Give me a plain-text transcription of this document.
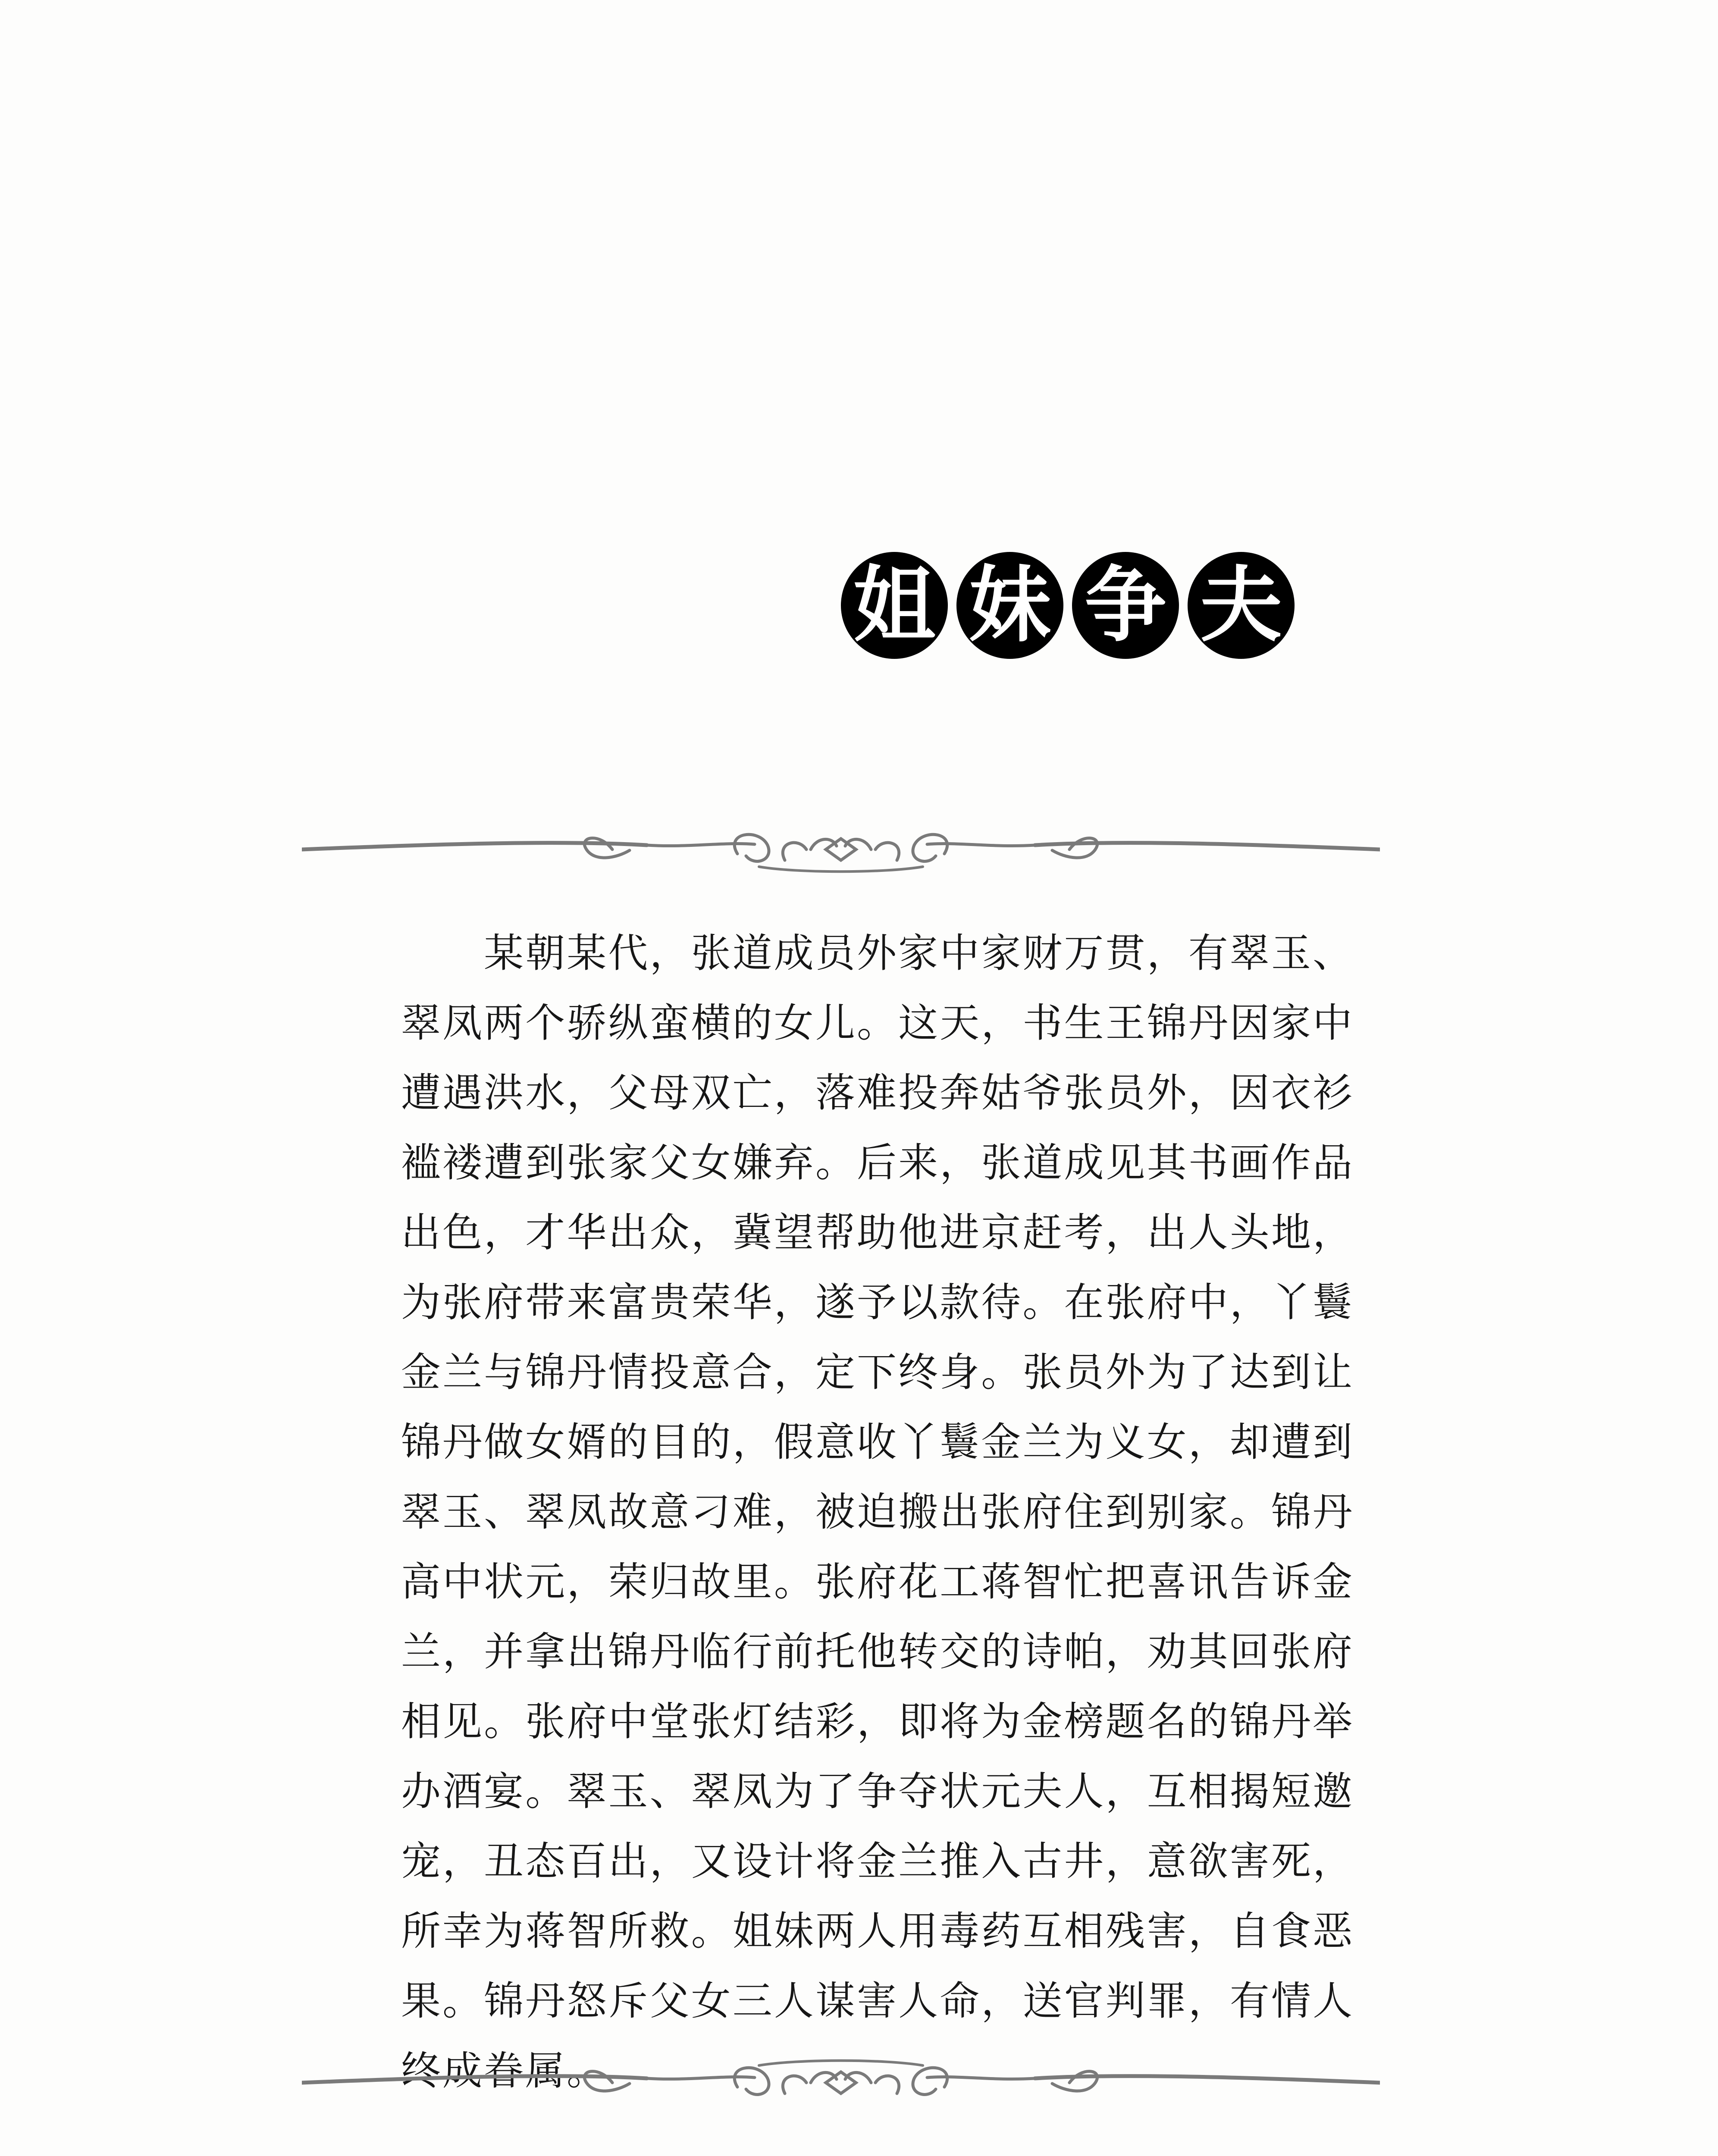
姐 妹 争 夫

某朝某代，张道成员外家中家财万贯，有翠玉、翠凤两个骄纵蛮横的女儿。这天，书生王锦丹因家中遭遇洪水，父母双亡，落难投奔姑爷张员外，因衣衫褴褛遭到张家父女嫌弃。后来，张道成见其书画作品出色，才华出众，冀望帮助他进京赶考，出人头地，为张府带来富贵荣华，遂予以款待。在张府中，丫鬟金兰与锦丹情投意合，定下终身。张员外为了达到让锦丹做女婿的目的，假意收丫鬟金兰为义女，却遭到翠玉、翠凤故意刁难，被迫搬出张府住到别家。锦丹高中状元，荣归故里。张府花工蒋智忙把喜讯告诉金兰，并拿出锦丹临行前托他转交的诗帕，劝其回张府相见。张府中堂张灯结彩，即将为金榜题名的锦丹举办酒宴。翠玉、翠凤为了争夺状元夫人，互相揭短邀宠，丑态百出，又设计将金兰推入古井，意欲害死，所幸为蒋智所救。姐妹两人用毒药互相残害，自食恶果。锦丹怒斥父女三人谋害人命，送官判罪，有情人终成眷属。
